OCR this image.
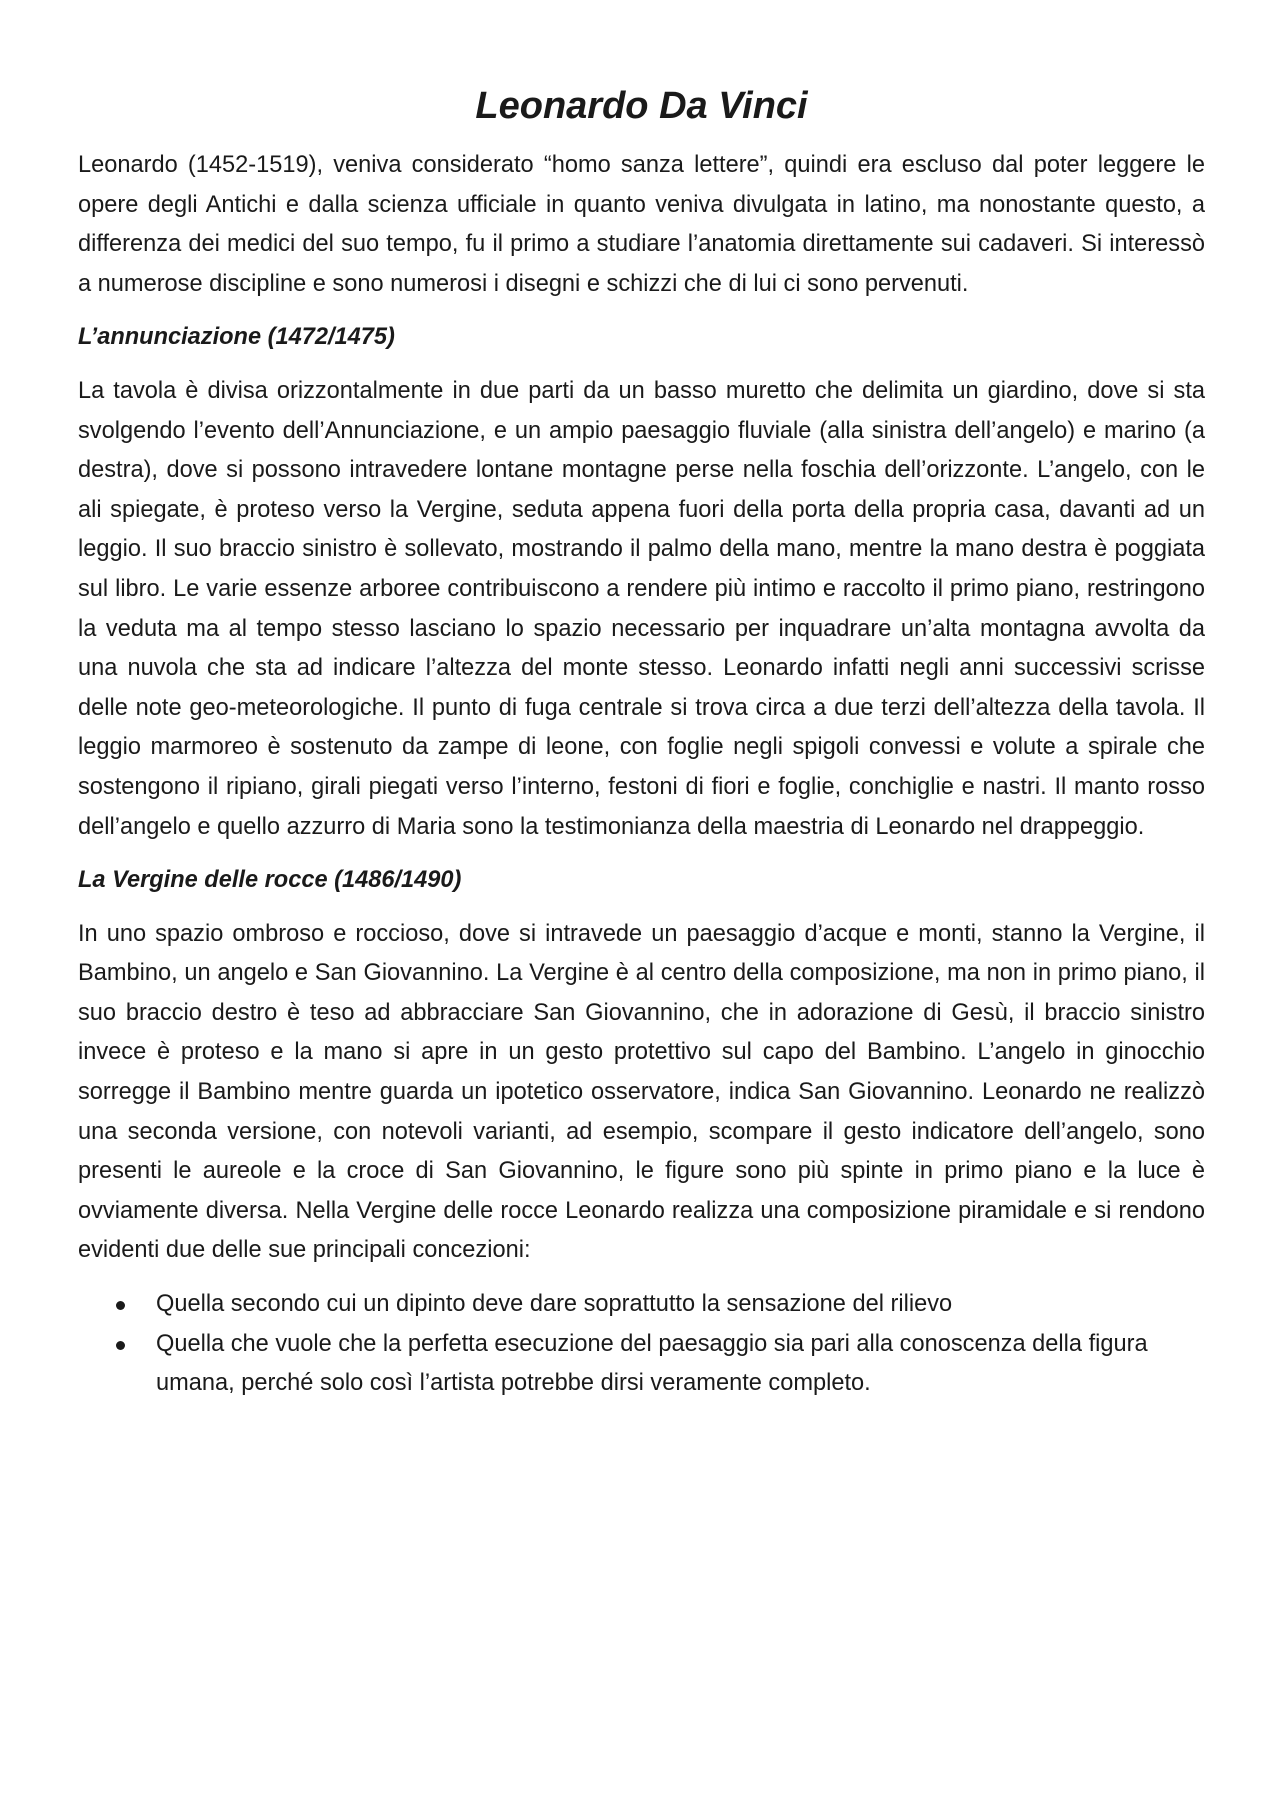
Leonardo Da Vinci

Leonardo (1452-1519), veniva considerato “homo sanza lettere”, quindi era escluso dal poter leggere le opere degli Antichi e dalla scienza ufficiale in quanto veniva divulgata in latino, ma nonostante questo, a differenza dei medici del suo tempo, fu il primo a studiare l’anatomia direttamente sui cadaveri. Si interessò a numerose discipline e sono numerosi i disegni e schizzi che di lui ci sono pervenuti.

L’annunciazione (1472/1475)

La tavola è divisa orizzontalmente in due parti da un basso muretto che delimita un giardino, dove si sta svolgendo l’evento dell’Annunciazione, e un ampio paesaggio fluviale (alla sinistra dell’angelo) e marino (a destra), dove si possono intravedere lontane montagne perse nella foschia dell’orizzonte. L’angelo, con le ali spiegate, è proteso verso la Vergine, seduta appena fuori della porta della propria casa, davanti ad un leggio. Il suo braccio sinistro è sollevato, mostrando il palmo della mano, mentre la mano destra è poggiata sul libro. Le varie essenze arboree contribuiscono a rendere più intimo e raccolto il primo piano, restringono la veduta ma al tempo stesso lasciano lo spazio necessario per inquadrare un’alta montagna avvolta da una nuvola che sta ad indicare l’altezza del monte stesso. Leonardo infatti negli anni successivi scrisse delle note geo-meteorologiche. Il punto di fuga centrale si trova circa a due terzi dell’altezza della tavola. Il leggio marmoreo è sostenuto da zampe di leone, con foglie negli spigoli convessi e volute a spirale che sostengono il ripiano, girali piegati verso l’interno, festoni di fiori e foglie, conchiglie e nastri. Il manto rosso dell’angelo e quello azzurro di Maria sono la testimonianza della maestria di Leonardo nel drappeggio.

La Vergine delle rocce (1486/1490)

In uno spazio ombroso e roccioso, dove si intravede un paesaggio d’acque e monti, stanno la Vergine, il Bambino, un angelo e San Giovannino. La Vergine è al centro della composizione, ma non in primo piano, il suo braccio destro è teso ad abbracciare San Giovannino, che in adorazione di Gesù, il braccio sinistro invece è proteso e la mano si apre in un gesto protettivo sul capo del Bambino. L’angelo in ginocchio sorregge il Bambino mentre guarda un ipotetico osservatore, indica San Giovannino. Leonardo ne realizzò una seconda versione, con notevoli varianti, ad esempio, scompare il gesto indicatore dell’angelo, sono presenti le aureole e la croce di San Giovannino, le figure sono più spinte in primo piano e la luce è ovviamente diversa. Nella Vergine delle rocce Leonardo realizza una composizione piramidale e si rendono evidenti due delle sue principali concezioni:

Quella secondo cui un dipinto deve dare soprattutto la sensazione del rilievo
Quella che vuole che la perfetta esecuzione del paesaggio sia pari alla conoscenza della figura umana, perché solo così l’artista potrebbe dirsi veramente completo.
